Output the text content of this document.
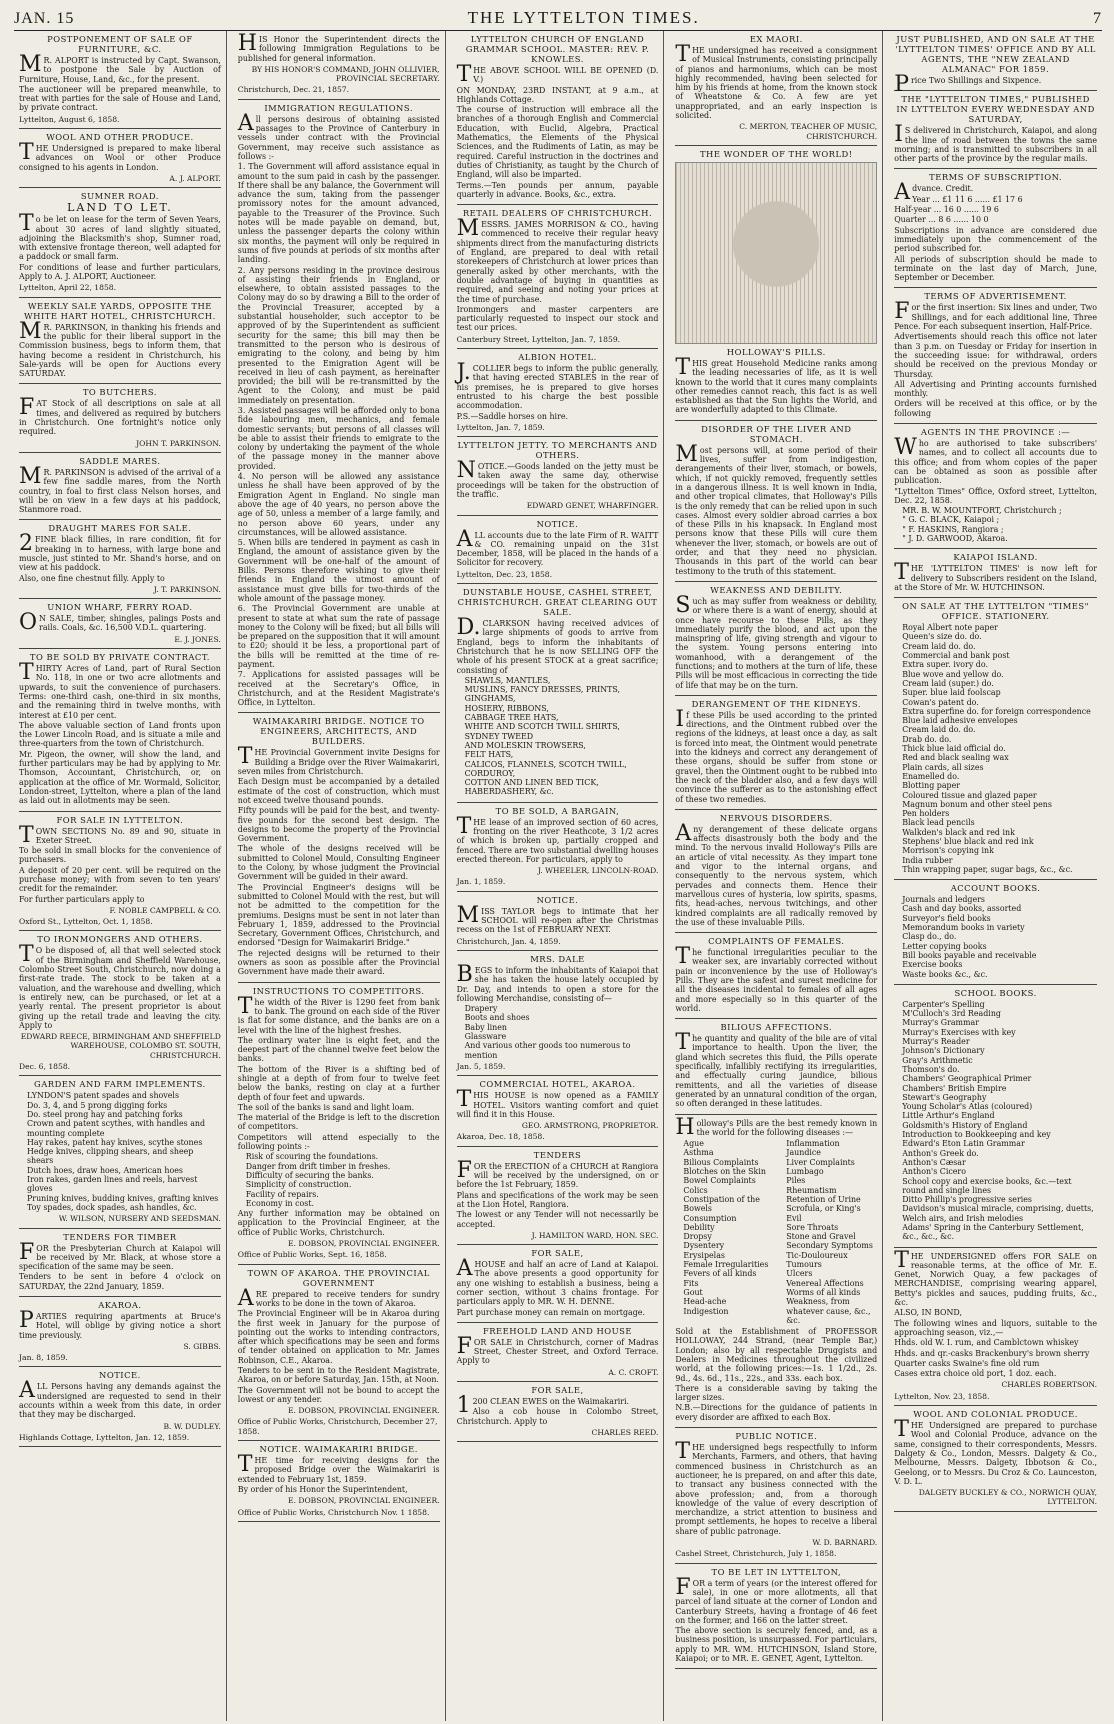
JAN. 15	THE LYTTELTON TIMES.	7
POSTPONEMENT OF SALE OF FURNITURE, &C.

MR. ALPORT is instructed by Capt. Swanson, to postpone the Sale by Auction of Furniture, House, Land, &c., for the present.

The auctioneer will be prepared meanwhile, to treat with parties for the sale of House and Land, by private contract.

Lyttelton, August 6, 1858.

WOOL AND OTHER PRODUCE.

THE Undersigned is prepared to make liberal advances on Wool or other Produce consigned to his agents in London.

A. J. ALPORT.

SUMNER ROAD.
LAND TO LET.

To be let on lease for the term of Seven Years, about 30 acres of land slightly situated, adjoining the Blacksmith's shop, Sumner road, with extensive frontage thereon, well adapted for a paddock or small farm.

For conditions of lease and further particulars, Apply to A. J. ALPORT, Auctioneer.

Lyttelton, April 22, 1858.

WEEKLY SALE YARDS, OPPOSITE THE WHITE HART HOTEL, CHRISTCHURCH.

MR. PARKINSON, in thanking his friends and the public for their liberal support in the Commission business, begs to inform them, that having become a resident in Christchurch, his Sale-yards will be open for Auctions every SATURDAY.

TO BUTCHERS.

FAT Stock of all descriptions on sale at all times, and delivered as required by butchers in Christchurch. One fortnight's notice only required.

JOHN T. PARKINSON.

SADDLE MARES.

MR. PARKINSON is advised of the arrival of a few fine saddle mares, from the North country, in foal to first class Nelson horses, and will be on view in a few days at his paddock, Stanmore road.

DRAUGHT MARES FOR SALE.

2FINE black fillies, in rare condition, fit for breaking in to harness, with large bone and muscle, just stinted to Mr. Shand's horse, and on view at his paddock.

Also, one fine chestnut filly. Apply to

J. T. PARKINSON.

UNION WHARF, FERRY ROAD.

ON SALE, timber, shingles, palings Posts and rails. Coals, &c. 16,500 V.D.L. quartering.

E. J. JONES.

TO BE SOLD BY PRIVATE CONTRACT.

THIRTY Acres of Land, part of Rural Section No. 118, in one or two acre allotments and upwards, to suit the convenience of purchasers. Terms: one-third cash, one-third in six months, and the remaining third in twelve months, with interest at £10 per cent.

The above valuable section of Land fronts upon the Lower Lincoln Road, and is situate a mile and three-quarters from the town of Christchurch.

Mr. Pigeon, the owner, will show the land, and further particulars may be had by applying to Mr. Thomson, Accountant, Christchurch, or, on application at the office of Mr. Wormald, Solicitor, London-street, Lyttelton, where a plan of the land as laid out in allotments may be seen.

FOR SALE IN LYTTELTON.

TOWN SECTIONS No. 89 and 90, situate in Exeter Street.

To be sold in small blocks for the convenience of purchasers.

A deposit of 20 per cent. will be required on the purchase money; with from seven to ten years' credit for the remainder.

For further particulars apply to

F. NOBLE CAMPBELL & CO.

Oxford St., Lyttelton, Oct. 1, 1858.

TO IRONMONGERS AND OTHERS.

TO be disposed of, all that well selected stock of the Birmingham and Sheffield Warehouse, Colombo Street South, Christchurch, now doing a first-rate trade. The stock to be taken at a valuation, and the warehouse and dwelling, which is entirely new, can be purchased, or let at a yearly rental. The present proprietor is about giving up the retail trade and leaving the city. Apply to

EDWARD REECE, BIRMINGHAM AND SHEFFIELD WAREHOUSE, COLOMBO ST. SOUTH, CHRISTCHURCH.

Dec. 6, 1858.

GARDEN AND FARM IMPLEMENTS.
LYNDON'S patent spades and shovels
Do. 3, 4, and 5 prong digging forks
Do. steel prong hay and patching forks
Crown and patent scythes, with handles and mounting complete
Hay rakes, patent hay knives, scythe stones
Hedge knives, clipping shears, and sheep shears
Dutch hoes, draw hoes, American hoes
Iron rakes, garden lines and reels, harvest gloves
Pruning knives, budding knives, grafting knives
Toy spades, dock spades, ash handles, &c.

W. WILSON, NURSERY AND SEEDSMAN.

TENDERS FOR TIMBER

FOR the Presbyterian Church at Kaiapoi will be received by Mr. Black, at whose store a specification of the same may be seen.

Tenders to be sent in before 4 o'clock on SATURDAY, the 22nd January, 1859.

AKAROA.

PARTIES requiring apartments at Bruce's Hotel, will oblige by giving notice a short time previously.

S. GIBBS.

Jan. 8, 1859.

NOTICE.

ALL Persons having any demands against the undersigned are requested to send in their accounts within a week from this date, in order that they may be discharged.

B. W. DUDLEY.

Highlands Cottage, Lyttelton, Jan. 12, 1859.

HIS Honor the Superintendent directs the following Immigration Regulations to be published for general information.

BY HIS HONOR'S COMMAND, JOHN OLLIVIER, PROVINCIAL SECRETARY.

Christchurch, Dec. 21, 1857.

IMMIGRATION REGULATIONS.

All persons desirous of obtaining assisted passages to the Province of Canterbury in vessels under contract with the Provincial Government, may receive such assistance as follows :-

1. The Government will afford assistance equal in amount to the sum paid in cash by the passenger. If there shall be any balance, the Government will advance the sum, taking from the passenger promissory notes for the amount advanced, payable to the Treasurer of the Province. Such notes will be made payable on demand, but, unless the passenger departs the colony within six months, the payment will only be required in sums of five pounds at periods of six months after landing.

2. Any persons residing in the province desirous of assisting their friends in England, or elsewhere, to obtain assisted passages to the Colony may do so by drawing a Bill to the order of the Provincial Treasurer, accepted by a substantial householder, such acceptor to be approved of by the Superintendent as sufficient security for the same; this bill may then be transmitted to the person who is desirous of emigrating to the colony, and being by him presented to the Emigration Agent will be received in lieu of cash payment, as hereinafter provided; the bill will be re-transmitted by the Agent to the Colony, and must be paid immediately on presentation.

3. Assisted passages will be afforded only to bona fide labouring men, mechanics, and female domestic servants; but persons of all classes will be able to assist their friends to emigrate to the colony by undertaking the payment of the whole of the passage money in the manner above provided.

4. No person will be allowed any assistance unless he shall have been approved of by the Emigration Agent in England. No single man above the age of 40 years, no person above the age of 50, unless a member of a large family, and no person above 60 years, under any circumstances, will be allowed assistance.

5. When bills are tendered in payment as cash in England, the amount of assistance given by the Government will be one-half of the amount of Bills. Persons therefore wishing to give their friends in England the utmost amount of assistance must give bills for two-thirds of the whole amount of the passage money.

6. The Provincial Government are unable at present to state at what sum the rate of passage money to the Colony will be fixed; but all bills will be prepared on the supposition that it will amount to £20; should it be less, a proportional part of the bills will be remitted at the time of re-payment.

7. Applications for assisted passages will be received at the Secretary's Office, in Christchurch, and at the Resident Magistrate's Office, in Lyttelton.

WAIMAKARIRI BRIDGE. NOTICE TO ENGINEERS, ARCHITECTS, AND BUILDERS.

THE Provincial Government invite Designs for Building a Bridge over the River Waimakariri, seven miles from Christchurch.

Each Design must be accompanied by a detailed estimate of the cost of construction, which must not exceed twelve thousand pounds.

Fifty pounds will be paid for the best, and twenty-five pounds for the second best design. The designs to become the property of the Provincial Government.

The whole of the designs received will be submitted to Colonel Mould, Consulting Engineer to the Colony, by whose judgment the Provincial Government will be guided in their award.

The Provincial Engineer's designs will be submitted to Colonel Mould with the rest, but will not be admitted to the competition for the premiums. Designs must be sent in not later than February 1, 1859, addressed to the Provincial Secretary, Government Offices, Christchurch, and endorsed "Design for Waimakariri Bridge."

The rejected designs will be returned to their owners as soon as possible after the Provincial Government have made their award.

INSTRUCTIONS TO COMPETITORS.

The width of the River is 1290 feet from bank to bank. The ground on each side of the River is flat for some distance, and the banks are on a level with the line of the highest freshes.

The ordinary water line is eight feet, and the deepest part of the channel twelve feet below the banks.

The bottom of the River is a shifting bed of shingle at a depth of from four to twelve feet below the banks, resting on clay at a further depth of four feet and upwards.

The soil of the banks is sand and light loam.

The material of the Bridge is left to the discretion of competitors.

Competitors will attend especially to the following points :-

Risk of scouring the foundations.
Danger from drift timber in freshes.
Difficulty of securing the banks.
Simplicity of construction.
Facility of repairs.
Economy in cost.

Any further information may be obtained on application to the Provincial Engineer, at the office of Public Works, Christchurch.

E. DOBSON, PROVINCIAL ENGINEER.

Office of Public Works, Sept. 16, 1858.

TOWN OF AKAROA. THE PROVINCIAL GOVERNMENT

ARE prepared to receive tenders for sundry works to be done in the town of Akaroa.

The Provincial Engineer will be in Akaroa during the first week in January for the purpose of pointing out the works to intending contractors, after which specifications may be seen and forms of tender obtained on application to Mr. James Robinson, C.E., Akaroa.

Tenders to be sent in to the Resident Magistrate, Akaroa, on or before Saturday, Jan. 15th, at Noon.

The Government will not be bound to accept the lowest or any tender.

E. DOBSON, PROVINCIAL ENGINEER.

Office of Public Works, Christchurch, December 27, 1858.

NOTICE. WAIMAKARIRI BRIDGE.

THE time for receiving designs for the proposed Bridge over the Waimakariri is extended to February 1st, 1859.

By order of his Honor the Superintendent,

E. DOBSON, PROVINCIAL ENGINEER.

Office of Public Works, Christchurch Nov. 1 1858.

LYTTELTON CHURCH OF ENGLAND GRAMMAR SCHOOL. MASTER: REV. P. KNOWLES.

THE ABOVE SCHOOL WILL BE OPENED (D. V.)

ON MONDAY, 23RD INSTANT, at 9 a.m., at Highlands Cottage.

The course of instruction will embrace all the branches of a thorough English and Commercial Education, with Euclid, Algebra, Practical Mathematics, the Elements of the Physical Sciences, and the Rudiments of Latin, as may be required. Careful instruction in the doctrines and duties of Christianity, as taught by the Church of England, will also be imparted.

Terms.—Ten pounds per annum, payable quarterly in advance. Books, &c., extra.

RETAIL DEALERS OF CHRISTCHURCH.

MESSRS. JAMES MORRISON & CO., having commenced to receive their regular heavy shipments direct from the manufacturing districts of England, are prepared to deal with retail storekeepers of Christchurch at lower prices than generally asked by other merchants, with the double advantage of buying in quantities as required, and seeing and noting your prices at the time of purchase.

Ironmongers and master carpenters are particularly requested to inspect our stock and test our prices.

Canterbury Street, Lyttelton, Jan. 7, 1859.

ALBION HOTEL.

J.COLLIER begs to inform the public generally, that having erected STABLES in the rear of his premises, he is prepared to give horses entrusted to his charge the best possible accommodation.

P.S.—Saddle horses on hire.

Lyttelton, Jan. 7, 1859.

LYTTELTON JETTY. TO MERCHANTS AND OTHERS.

NOTICE.—Goods landed on the jetty must be taken away the same day, otherwise proceedings will be taken for the obstruction of the traffic.

EDWARD GENET, WHARFINGER.

NOTICE.

ALL accounts due to the late Firm of R. WAITT & CO. remaining unpaid on the 31st December, 1858, will be placed in the hands of a Solicitor for recovery.

Lyttelton, Dec. 23, 1858.

DUNSTABLE HOUSE, CASHEL STREET, CHRISTCHURCH. GREAT CLEARING OUT SALE.

D.CLARKSON having received advices of large shipments of goods to arrive from England, begs to inform the inhabitants of Christchurch that he is now SELLING OFF the whole of his present STOCK at a great sacrifice; consisting of

SHAWLS, MANTLES,
MUSLINS, FANCY DRESSES, PRINTS,
GINGHAMS,
HOSIERY, RIBBONS,
CABBAGE TREE HATS,
WHITE AND SCOTCH TWILL SHIRTS,
SYDNEY TWEED
AND MOLESKIN TROWSERS,
FELT HATS,
CALICOS, FLANNELS, SCOTCH TWILL,
CORDUROY,
COTTON AND LINEN BED TICK,
HABERDASHERY, &c.
TO BE SOLD, A BARGAIN,

THE lease of an improved section of 60 acres, fronting on the river Heathcote, 3 1/2 acres of which is broken up, partially cropped and fenced. There are two substantial dwelling houses erected thereon. For particulars, apply to

J. WHEELER, LINCOLN-ROAD.

Jan. 1, 1859.

NOTICE.

MISS TAYLOR begs to intimate that her SCHOOL will re-open after the Christmas recess on the 1st of FEBRUARY NEXT.

Christchurch, Jan. 4, 1859.

MRS. DALE

BEGS to inform the inhabitants of Kaiapoi that she has taken the house lately occupied by Dr. Day, and intends to open a store for the following Merchandise, consisting of—

Drapery
Boots and shoes
Baby linen
Glassware
And various other goods too numerous to mention

Jan. 5, 1859.

COMMERCIAL HOTEL, AKAROA.

THIS HOUSE is now opened as a FAMILY HOTEL. Visitors wanting comfort and quiet will find it in this House.

GEO. ARMSTRONG, PROPRIETOR.

Akaroa, Dec. 18, 1858.

TENDERS

FOR the ERECTION of a CHURCH at Rangiora will be received by the undersigned, on or before the 1st February, 1859.

Plans and specifications of the work may be seen at the Lion Hotel, Rangiora.

The lowest or any Tender will not necessarily be accepted.

J. HAMILTON WARD, HON. SEC.

FOR SALE,

AHOUSE and half an acre of Land at Kaiapoi. The above presents a good opportunity for any one wishing to establish a business, being a corner section, without 3 chains frontage. For particulars apply to MR. W. H. DENNE.

Part purchase money can remain on mortgage.

FREEHOLD LAND AND HOUSE

FOR SALE in Christchurch, corner of Madras Street, Chester Street, and Oxford Terrace. Apply to

A. C. CROFT.

FOR SALE,

1200 CLEAN EWES on the Waimakariri.

Also a cob house in Colombo Street, Christchurch. Apply to

CHARLES REED.

EX MAORI.

THE undersigned has received a consignment of Musical Instruments, consisting principally of pianos and harmoniums, which can be most highly recommended, having been selected for him by his friends at home, from the known stock of Wheatstone & Co. A few are yet unappropriated, and an early inspection is solicited.

C. MERTON, TEACHER OF MUSIC, CHRISTCHURCH.

THE WONDER OF THE WORLD!
HOLLOWAY'S PILLS.

THIS great Household Medicine ranks among the leading necessaries of life, as it is well known to the world that it cures many complaints other remedies cannot reach, this fact is as well established as that the Sun lights the World, and are wonderfully adapted to this Climate.

DISORDER OF THE LIVER AND STOMACH.

Most persons will, at some period of their lives, suffer from indigestion, derangements of their liver, stomach, or bowels, which, if not quickly removed, frequently settles in a dangerous illness. It is well known in India, and other tropical climates, that Holloway's Pills is the only remedy that can be relied upon in such cases. Almost every soldier abroad carries a box of these Pills in his knapsack. In England most persons know that these Pills will cure them whenever the liver, stomach, or bowels are out of order, and that they need no physician. Thousands in this part of the world can bear testimony to the truth of this statement.

WEAKNESS AND DEBILITY.

Such as may suffer from weakness or debility, or where there is a want of energy, should at once have recourse to these Pills, as they immediately purify the blood, and act upon the mainspring of life, giving strength and vigour to the system. Young persons entering into womanhood, with a derangement of the functions; and to mothers at the turn of life, these Pills will be most efficacious in correcting the tide of life that may be on the turn.

DERANGEMENT OF THE KIDNEYS.

If these Pills be used according to the printed directions, and the Ointment rubbed over the regions of the kidneys, at least once a day, as salt is forced into meat, the Ointment would penetrate into the kidneys and correct any derangement of these organs, should be suffer from stone or gravel, then the Ointment ought to be rubbed into the neck of the bladder also, and a few days will convince the sufferer as to the astonishing effect of these two remedies.

NERVOUS DISORDERS.

Any derangement of these delicate organs affects disastrously both the body and the mind. To the nervous invalid Holloway's Pills are an article of vital necessity. As they impart tone and vigor to the internal organs, and consequently to the nervous system, which pervades and connects them. Hence their marvellous cures of hysteria, low spirits, spasms, fits, head-aches, nervous twitchings, and other kindred complaints are all radically removed by the use of these invaluable Pills.

COMPLAINTS OF FEMALES.

The functional irregularities peculiar to the weaker sex, are invariably corrected without pain or inconvenience by the use of Holloway's Pills. They are the safest and surest medicine for all the diseases incidental to females of all ages and more especially so in this quarter of the world.

BILIOUS AFFECTIONS.

The quantity and quality of the bile are of vital importance to health. Upon the liver, the gland which secretes this fluid, the Pills operate specifically, infallibly rectifying its irregularities, and effectually curing jaundice, bilious remittents, and all the varieties of disease generated by an unnatural condition of the organ, so often deranged in these latitudes.

Holloway's Pills are the best remedy known in the world for the following diseases :—

Ague
Asthma
Bilious Complaints
Blotches on the Skin
Bowel Complaints
Colics
Constipation of the Bowels
Consumption
Debility
Dropsy
Dysentery
Erysipelas
Female Irregularities
Fevers of all kinds
Fits
Gout
Head-ache
Indigestion
Inflammation
Jaundice
Liver Complaints
Lumbago
Piles
Rheumatism
Retention of Urine
Scrofula, or King's Evil
Sore Throats
Stone and Gravel
Secondary Symptoms
Tic-Douloureux
Tumours
Ulcers
Venereal Affections
Worms of all kinds
Weakness, from whatever cause, &c., &c.

Sold at the Establishment of PROFESSOR HOLLOWAY, 244 Strand, (near Temple Bar,) London; also by all respectable Druggists and Dealers in Medicines throughout the civilized world, at the following prices:—1s. 1 1/2d., 2s. 9d., 4s. 6d., 11s., 22s., and 33s. each box.

There is a considerable saving by taking the larger sizes.

N.B.—Directions for the guidance of patients in every disorder are affixed to each Box.

PUBLIC NOTICE.

THE undersigned begs respectfully to inform Merchants, Farmers, and others, that having commenced business in Christchurch as an auctioneer, he is prepared, on and after this date, to transact any business connected with the above profession; and, from a thorough knowledge of the value of every description of merchandize, a strict attention to business and prompt settlements, he hopes to receive a liberal share of public patronage.

W. D. BARNARD.

Cashel Street, Christchurch, July 1, 1858.

TO BE LET IN LYTTELTON,

FOR a term of years (or the interest offered for sale), in one or more allotments, all that parcel of land situate at the corner of London and Canterbury Streets, having a frontage of 46 feet on the former, and 166 on the latter street.

The above section is securely fenced, and, as a business position, is unsurpassed. For particulars, apply to MR. WM. HUTCHINSON, Island Store, Kaiapoi; or to MR. E. GENET, Agent, Lyttelton.

JUST PUBLISHED, AND ON SALE AT THE 'LYTTELTON TIMES' OFFICE AND BY ALL AGENTS, THE "NEW ZEALAND ALMANAC" FOR 1859.

Price Two Shillings and Sixpence.

THE "LYTTELTON TIMES," PUBLISHED IN LYTTELTON EVERY WEDNESDAY AND SATURDAY,

IS delivered in Christchurch, Kaiapoi, and along the line of road between the towns the same morning; and is transmitted to subscribers in all other parts of the province by the regular mails.

TERMS OF SUBSCRIPTION.

Advance. Credit.

Year ... £1 11 6 ...... £1 17 6

Half-year ... 16 0 ...... 19 6

Quarter ... 8 6 ...... 10 0

Subscriptions in advance are considered due immediately upon the commencement of the period subscribed for.

All periods of subscription should be made to terminate on the last day of March, June, September or December.

TERMS OF ADVERTISEMENT.

For the first insertion: Six lines and under, Two Shillings, and for each additional line, Three Pence. For each subsequent insertion, Half-Price.

Advertisements should reach this office not later than 3 p.m. on Tuesday or Friday for insertion in the succeeding issue: for withdrawal, orders should be received on the previous Monday or Thursday.

All Advertising and Printing accounts furnished monthly.

Orders will be received at this office, or by the following

AGENTS IN THE PROVINCE :—

Who are authorised to take subscribers' names, and to collect all accounts due to this office; and from whom copies of the paper can be obtained as soon as possible after publication.

"Lyttelton Times" Office, Oxford street, Lyttelton, Dec. 22, 1858.

MR. B. W. MOUNTFORT, Christchurch ;
" G. C. BLACK, Kaiapoi ;
" F. HASKINS, Rangiora ;
" J. D. GARWOOD, Akaroa.
KAIAPOI ISLAND.

THE 'LYTTELTON TIMES' is now left for delivery to Subscribers resident on the Island, at the Store of Mr. W. HUTCHINSON.

ON SALE AT THE LYTTELTON "TIMES" OFFICE. STATIONERY.
Royal Albert note paper
Queen's size do. do.
Cream laid do. do.
Commercial and bank post
Extra super. ivory do.
Blue wove and yellow do.
Cream laid (super.) do.
Super. blue laid foolscap
Cowan's patent do.
Extra superfine do. for foreign correspondence
Blue laid adhesive envelopes
Cream laid do. do.
Drab do. do.
Thick blue laid official do.
Red and black sealing wax
Plain cards, all sizes
Enamelled do.
Blotting paper
Coloured tissue and glazed paper
Magnum bonum and other steel pens
Pen holders
Black lead pencils
Walkden's black and red ink
Stephens' blue black and red ink
Morrison's copying ink
India rubber
Thin wrapping paper, sugar bags, &c., &c.
ACCOUNT BOOKS.
Journals and ledgers
Cash and day books, assorted
Surveyor's field books
Memorandum books in variety
Clasp do., do.
Letter copying books
Bill books payable and receivable
Exercise books
Waste books &c., &c.
SCHOOL BOOKS.
Carpenter's Spelling
M'Culloch's 3rd Reading
Murray's Grammar
Murray's Exercises with key
Murray's Reader
Johnson's Dictionary
Gray's Arithmetic
Thomson's do.
Chambers' Geographical Primer
Chambers' British Empire
Stewart's Geography
Young Scholar's Atlas (coloured)
Little Arthur's England
Goldsmith's History of England
Introduction to Bookkeeping and key
Edward's Eton Latin Grammar
Anthon's Greek do.
Anthon's Cæsar
Anthon's Cicero
School copy and exercise books, &c.—text round and single lines
Ditto Phillip's progressive series
Davidson's musical miracle, comprising, duetts, Welch airs, and Irish melodies
Adams' Spring in the Canterbury Settlement, &c., &c., &c.

THE UNDERSIGNED offers FOR SALE on reasonable terms, at the office of Mr. E. Genet, Norwich Quay, a few packages of MERCHANDISE, comprising wearing apparel, Betty's pickles and sauces, pudding fruits, &c., &c.

ALSO, IN BOND,

The following wines and liquors, suitable to the approaching season, viz.,—

Hhds. old W. I. rum, and Camblctown whiskey

Hhds. and qr.-casks Brackenbury's brown sherry

Quarter casks Swaine's fine old rum

Cases extra choice old port, 1 doz. each.

CHARLES ROBERTSON.

Lyttelton, Nov. 23, 1858.

WOOL AND COLONIAL PRODUCE.

THE Undersigned are prepared to purchase Wool and Colonial Produce, advance on the same, consigned to their correspondents, Messrs. Dalgety & Co., London, Messrs. Dalgety & Co., Melbourne, Messrs. Dalgety, Ibbotson & Co., Geelong, or to Messrs. Du Croz & Co. Launceston, V. D. L.

DALGETY BUCKLEY & CO., NORWICH QUAY, LYTTELTON.
